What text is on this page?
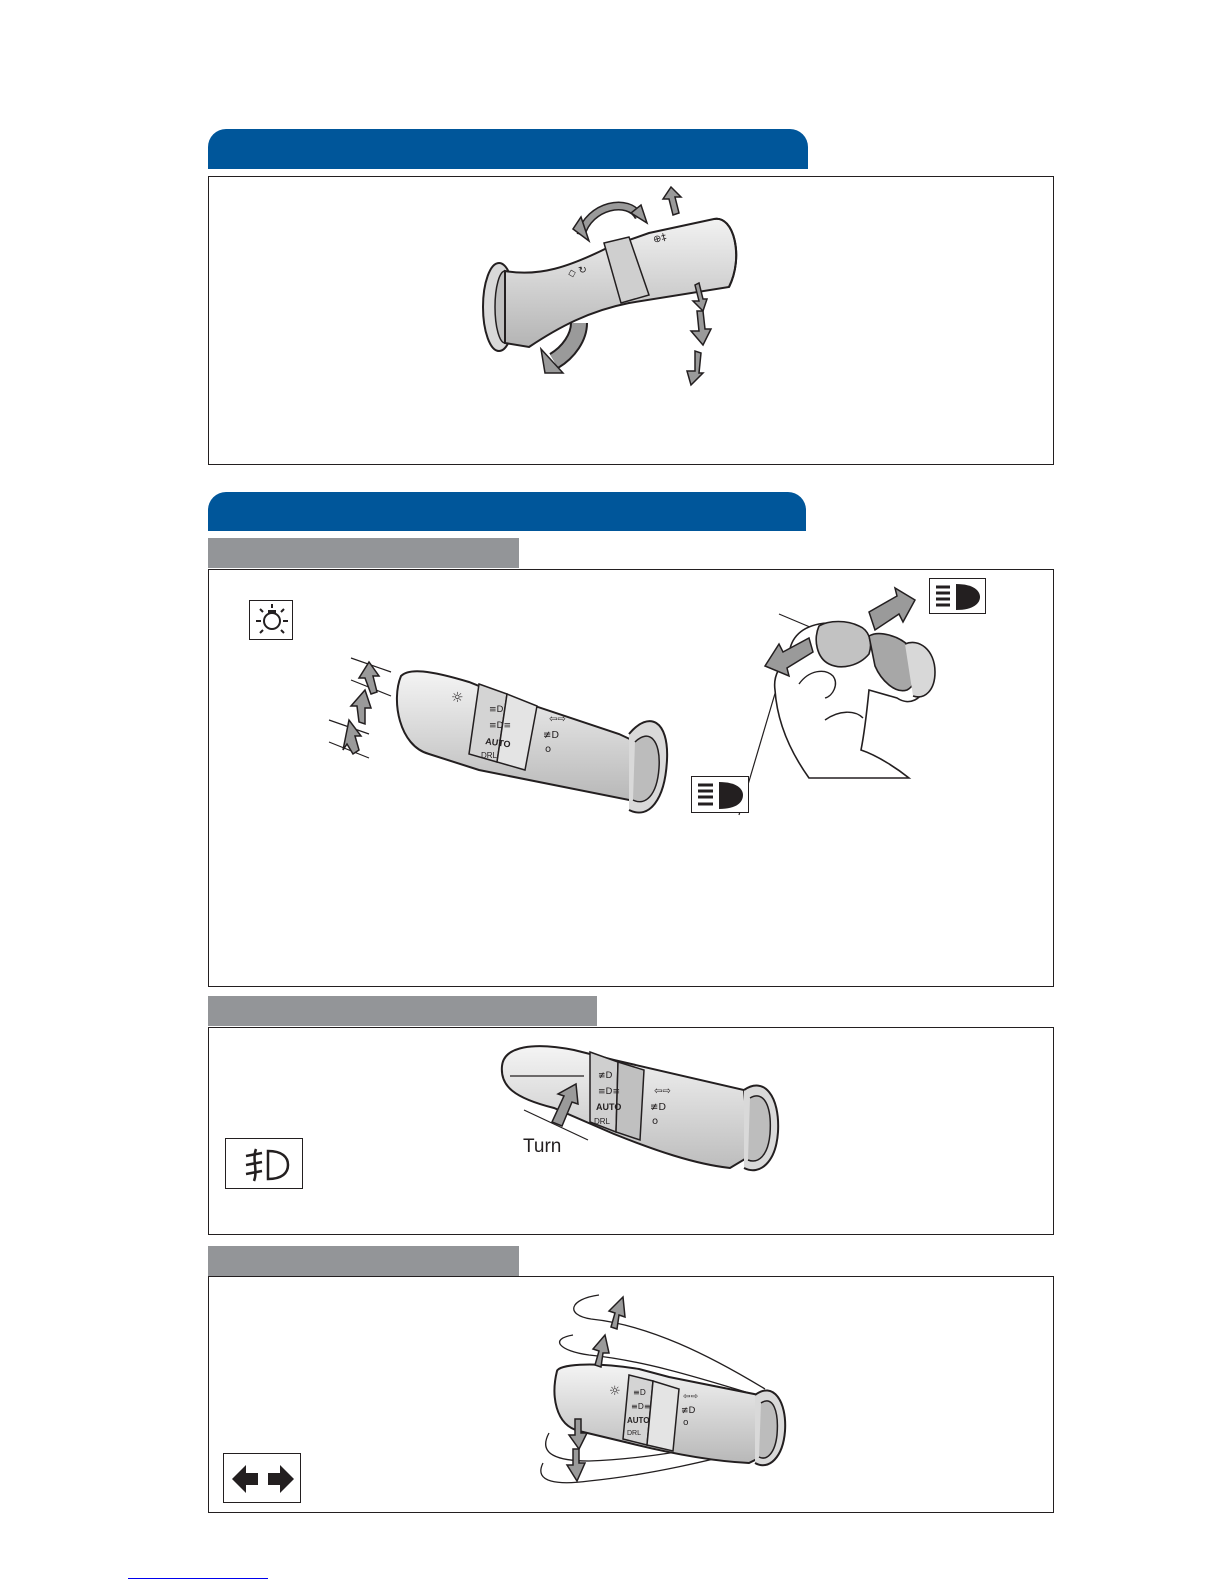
⊕‡
◇ ↻
☼
≡D
≡D≡
AUTO
DRL
⇦⇨
≢D
o
≢D
≡D≡
AUTO
DRL
⇦⇨
≢D
o
Turn
☼ ≡D
≡D≡
AUTO
DRL
⇦⇨
≢D
o
